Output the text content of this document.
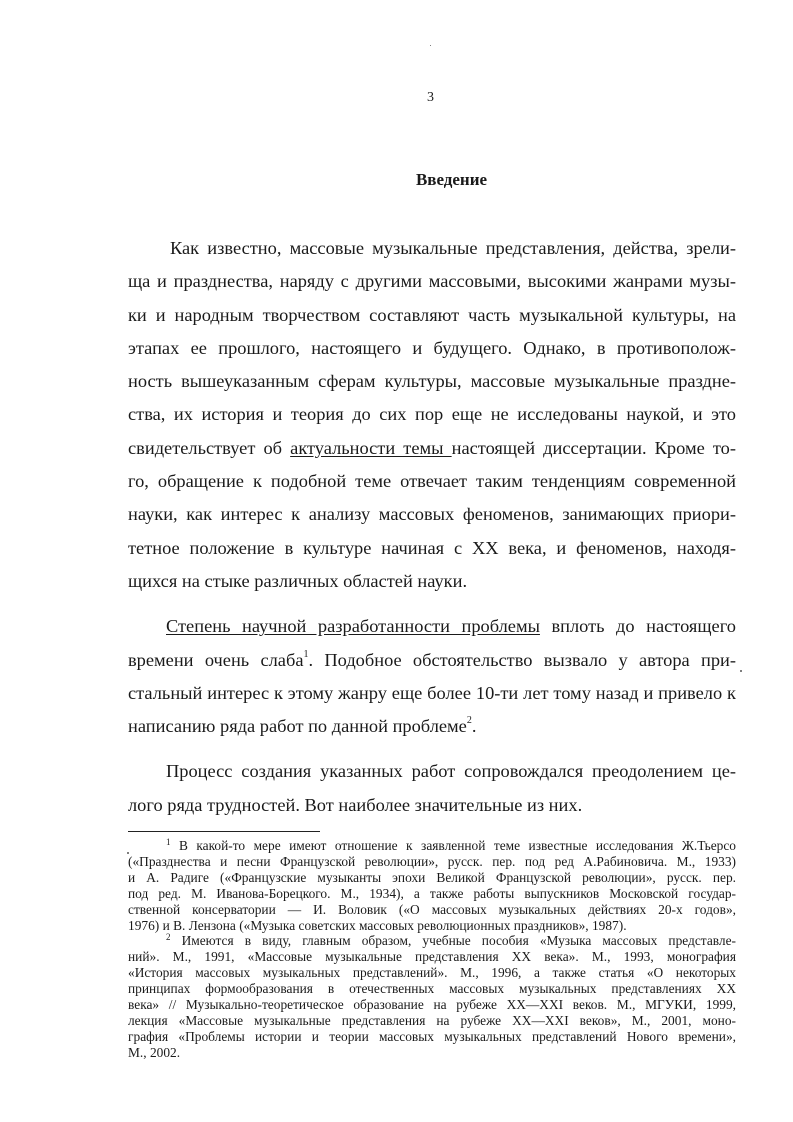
3
Введение
Как известно, массовые музыкальные представления, действа, зрели-
ща и празднества, наряду с другими массовыми, высокими жанрами музы-
ки и народным творчеством составляют часть музыкальной культуры, на
этапах ее прошлого, настоящего и будущего. Однако, в противополож-
ность вышеуказанным сферам культуры, массовые музыкальные праздне-
ства, их история и теория до сих пор еще не исследованы наукой, и это
свидетельствует об актуальности темы настоящей диссертации. Кроме то-
го, обращение к подобной теме отвечает таким тенденциям современной
науки, как интерес к анализу массовых феноменов, занимающих приори-
тетное положение в культуре начиная с XX века, и феноменов, находя-
щихся на стыке различных областей науки.
Степень научной разработанности проблемы вплоть до настоящего
времени очень слаба$^1$. Подобное обстоятельство вызвало у автора при-
стальный интерес к этому жанру еще более 10-ти лет тому назад и привело к
написанию ряда работ по данной проблеме$^2$.
Процесс создания указанных работ сопровождался преодолением це-
лого ряда трудностей. Вот наиболее значительные из них.
$^1$ В какой-то мере имеют отношение к заявленной теме известные исследования Ж.Тьерсо
(«Празднества и песни Французской революции», русск. пер. под ред А.Рабиновича. М., 1933)
и А. Радиге («Французские музыканты эпохи Великой Французской революции», русск. пер.
под ред. М. Иванова-Борецкого. М., 1934), а также работы выпускников Московской государ-
ственной консерватории — И. Воловик («О массовых музыкальных действиях 20-х годов»,
1976) и В. Лензона («Музыка советских массовых революционных праздников», 1987).
$^2$ Имеются в виду, главным образом, учебные пособия «Музыка массовых представле-
ний». М., 1991, «Массовые музыкальные представления XX века». М., 1993, монография
«История массовых музыкальных представлений». М., 1996, а также статья «О некоторых
принципах формообразования в отечественных массовых музыкальных представлениях XX
века» // Музыкально-теоретическое образование на рубеже XX—XXI веков. М., МГУКИ, 1999,
лекция «Массовые музыкальные представления на рубеже XX—XXI веков», М., 2001, моно-
графия «Проблемы истории и теории массовых музыкальных представлений Нового времени»,
М., 2002.
